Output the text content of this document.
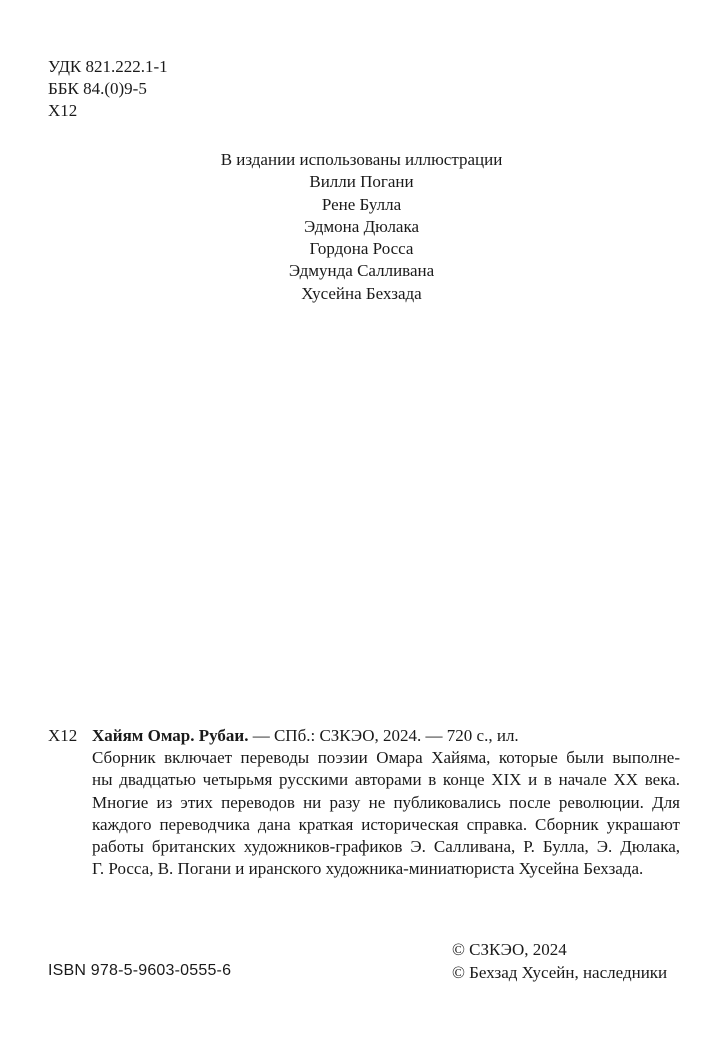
УДК 821.222.1-1
ББК 84.(0)9-5
Х12
В издании использованы иллюстрации
Вилли Погани
Рене Булла
Эдмона Дюлака
Гордона Росса
Эдмунда Салливана
Хусейна Бехзада
Х12 Хайям Омар. Рубаи. — СПб.: СЗКЭО, 2024. — 720 с., ил.
Сборник включает переводы поэзии Омара Хайяма, которые были выполне-
ны двадцатью четырьмя русскими авторами в конце XIX и в начале XX века.
Многие из этих переводов ни разу не публиковались после революции. Для
каждого переводчика дана краткая историческая справка. Сборник украшают
работы британских художников-графиков Э. Салливана, Р. Булла, Э. Дюлака,
Г. Росса, В. Погани и иранского художника-миниатюриста Хусейна Бехзада.
ISBN 978-5-9603-0555-6
© СЗКЭО, 2024
© Бехзад Хусейн, наследники
